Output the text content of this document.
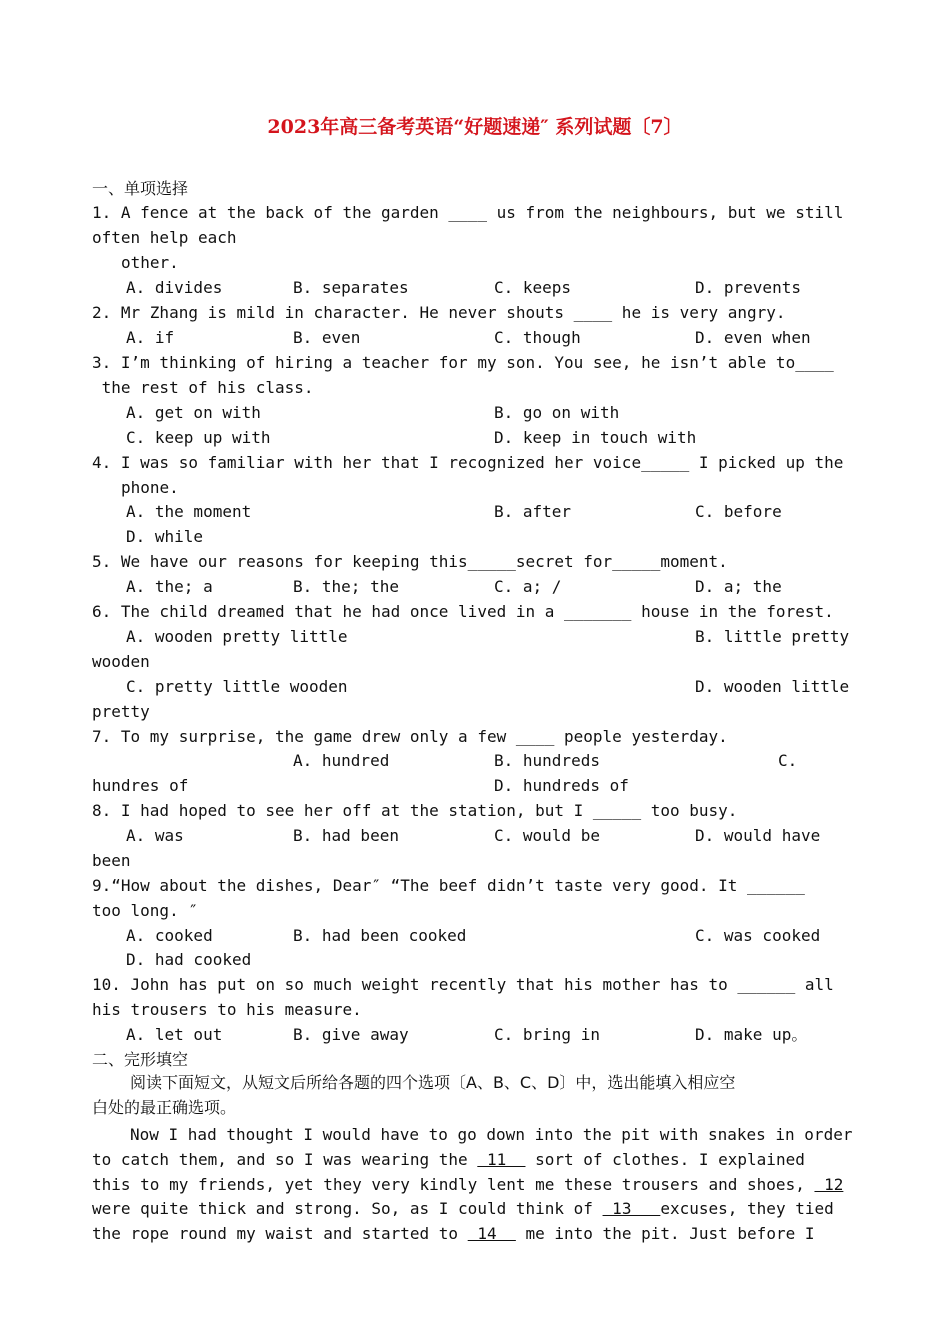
2023年高三备考英语“好题速递″ 系列试题〔7〕
一、单项选择
1. A fence at the back of the garden ____ us from the neighbours, but we still
often help each
other.
A. divides	B. separates	C. keeps	D. prevents
2. Mr Zhang is mild in character. He never shouts ____ he is very angry.
A. if	B. even	C. though	D. even when
3. I’m thinking of hiring a teacher for my son. You see, he isn’t able to____
the rest of his class.
A. get on with	B. go on with
C. keep up with	D. keep in touch with
4. I was so familiar with her that I recognized her voice_____ I picked up the
phone.
A. the moment	B. after	C. before
D. while
5. We have our reasons for keeping this_____secret for_____moment.
A. the; a	B. the; the	C. a; /	D. a; the
6. The child dreamed that he had once lived in a _______ house in the forest.
A. wooden pretty little	B. little pretty
wooden
C. pretty little wooden	D. wooden little
pretty
7. To my surprise, the game drew only a few ____ people yesterday.
A. hundred	B. hundreds	C.
hundres of	D. hundreds of
8. I had hoped to see her off at the station, but I _____ too busy.
A. was	B. had been	C. would be	D. would have
been
9.“How about the dishes, Dear″ “The beef didn’t taste very good. It ______
too long. ″
A. cooked	B. had been cooked	C. was cooked
D. had cooked
10. John has put on so much weight recently that his mother has to ______ all
his trousers to his measure.
A. let out	B. give away	C. bring in	D. make up。
二、完形填空
阅读下面短文，从短文后所给各题的四个选项〔A、B、C、D〕中，选出能填入相应空
白处的最正确选项。
Now I had thought I would have to go down into the pit with snakes in order
to catch them, and so I was wearing the  11   sort of clothes. I explained
this to my friends, yet they very kindly lent me these trousers and shoes,  12
were quite thick and strong. So, as I could think of  13   excuses, they tied
the rope round my waist and started to  14   me into the pit. Just before I
